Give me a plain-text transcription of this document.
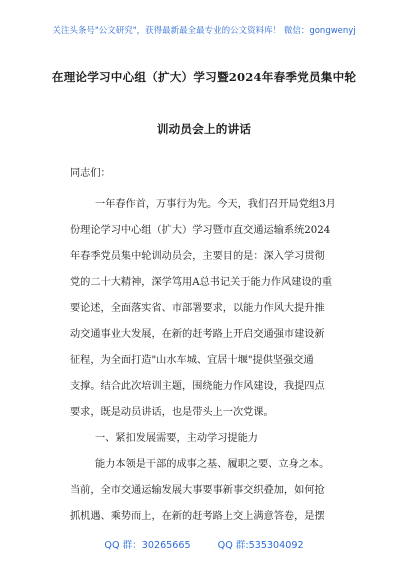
关注头条号"公文研究"，获得最新最全最专业的公文资料库！ 微信：gongwenyj
在理论学习中心组（扩大）学习暨2024年春季党员集中轮
训动员会上的讲话
同志们：
一年春作首，万事行为先。今天，我们召开局党组3月
份理论学习中心组（扩大）学习暨市直交通运输系统2024
年春季党员集中轮训动员会，主要目的是：深入学习贯彻
党的二十大精神，深学笃用A总书记关于能力作风建设的重
要论述，全面落实省、市部署要求，以能力作风大提升推
动交通事业大发展，在新的赶考路上开启交通强市建设新
征程，为全面打造"山水车城、宜居十堰"提供坚强交通
支撑。结合此次培训主题，围绕能力作风建设，我提四点
要求，既是动员讲话，也是带头上一次党课。
一、紧扣发展需要，主动学习提能力
能力本领是干部的成事之基、履职之要、立身之本。
当前，全市交通运输发展大事要事新事交织叠加，如何抢
抓机遇、乘势而上，在新的赶考路上交上满意答卷，是摆
QQ 群：30265665	QQ 群:535304092
